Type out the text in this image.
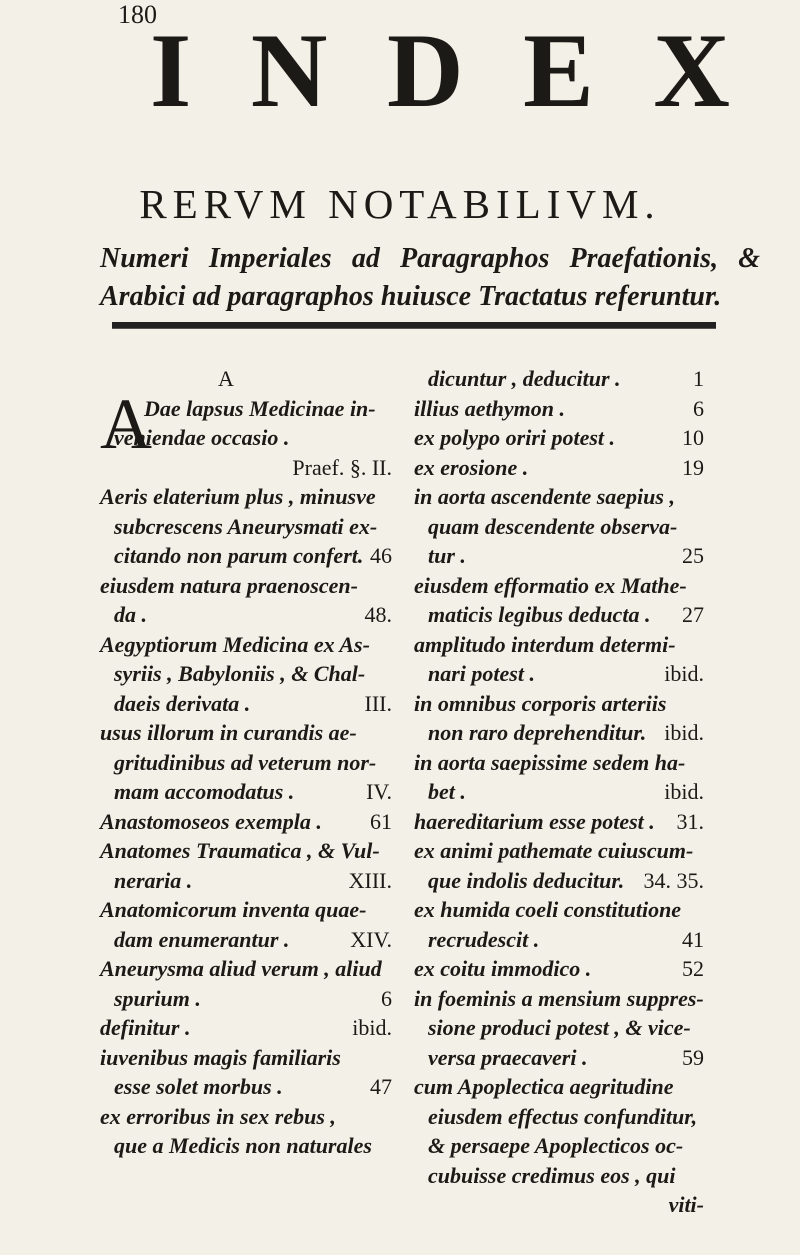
180
I N D E X
RERVM NOTABILIVM.
Numeri Imperiales ad Paragraphos Praefationis, & Arabici ad paragraphos huiusce Tractatus referuntur.
A
A
Dae lapsus Medicinae in-
veniendae occasio .
Praef. §. II.
Aeris elaterium plus , minusve
subcrescens Aneurysmati ex-
citando non parum confert. 46
eiusdem natura praenoscen-
da .	48.
Aegyptiorum Medicina ex As-
syriis , Babyloniis , & Chal-
daeis derivata .	III.
usus illorum in curandis ae-
gritudinibus ad veterum nor-
mam accomodatus .	IV.
Anastomoseos exempla . 61
Anatomes Traumatica , & Vul-
neraria .	XIII.
Anatomicorum inventa quae-
dam enumerantur .	XIV.
Aneurysma aliud verum , aliud
spurium .	6
definitur .	ibid.
iuvenibus magis familiaris
esse solet morbus .	47
ex erroribus in sex rebus ,
que a Medicis non naturales
dicuntur , deducitur .	1
illius aethymon .	6
ex polypo oriri potest .	10
ex erosione .	19
in aorta ascendente saepius ,
quam descendente observa-
tur .	25
eiusdem efformatio ex Mathe-
maticis legibus deducta . 27
amplitudo interdum determi-
nari potest .	ibid.
in omnibus corporis arteriis
non raro deprehenditur. ibid.
in aorta saepissime sedem ha-
bet .	ibid.
haereditarium esse potest . 31.
ex animi pathemate cuiuscum-
que indolis deducitur. 34. 35.
ex humida coeli constitutione
recrudescit .	41
ex coitu immodico .	52
in foeminis a mensium suppres-
sione produci potest , & vice-
versa praecaveri .	59
cum Apoplectica aegritudine
eiusdem effectus confunditur,
& persaepe Apoplecticos oc-
cubuisse credimus eos , qui
viti-
